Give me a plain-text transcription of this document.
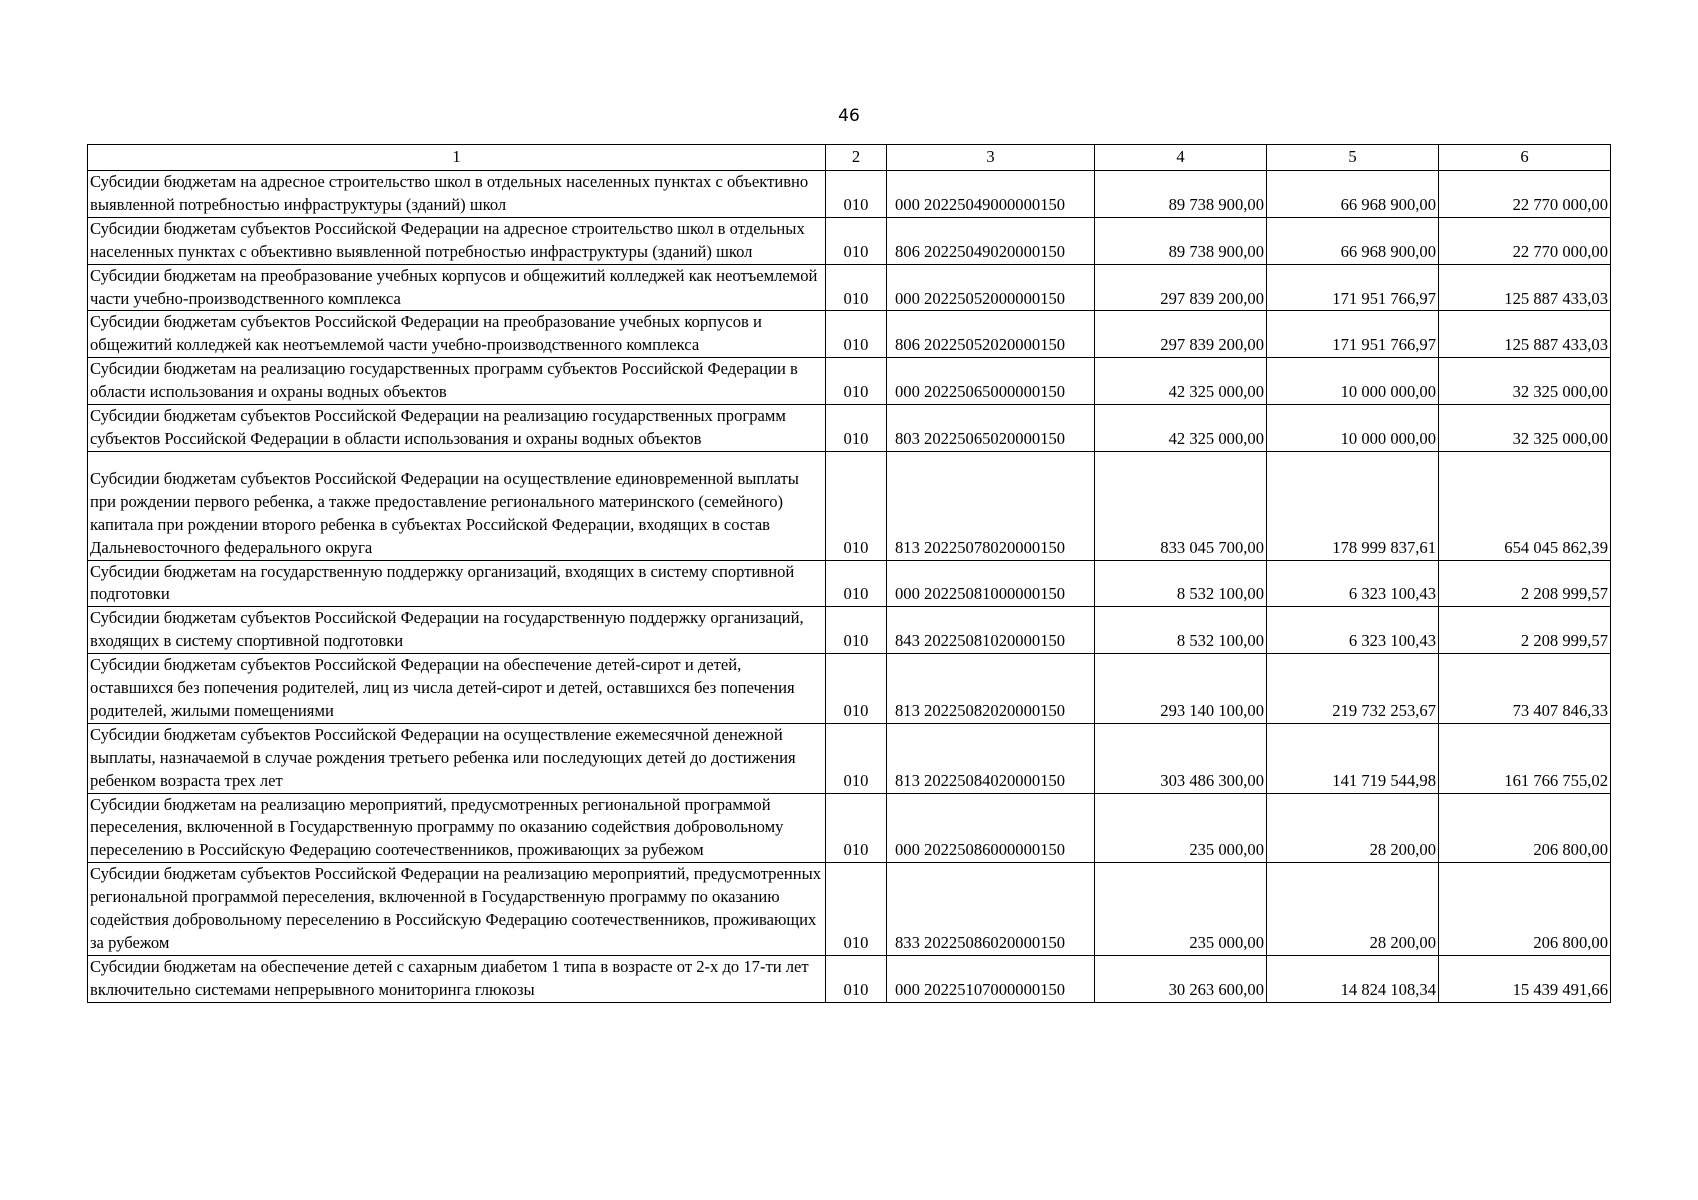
46
1	2	3	4	5	6
Субсидии бюджетам на адресное строительство школ в отдельных населенных пунктах с объективно выявленной потребностью инфраструктуры (зданий) школ	010	000 20225049000000150	89 738 900,00	66 968 900,00	22 770 000,00
Субсидии бюджетам субъектов Российской Федерации на адресное строительство школ в отдельных населенных пунктах с объективно выявленной потребностью инфраструктуры (зданий) школ	010	806 20225049020000150	89 738 900,00	66 968 900,00	22 770 000,00
Субсидии бюджетам на преобразование учебных корпусов и общежитий колледжей как неотъемлемой части учебно-производственного комплекса	010	000 20225052000000150	297 839 200,00	171 951 766,97	125 887 433,03
Субсидии бюджетам субъектов Российской Федерации на преобразование учебных корпусов и общежитий колледжей как неотъемлемой части учебно-производственного комплекса	010	806 20225052020000150	297 839 200,00	171 951 766,97	125 887 433,03
Субсидии бюджетам на реализацию государственных программ субъектов Российской Федерации в области использования и охраны водных объектов	010	000 20225065000000150	42 325 000,00	10 000 000,00	32 325 000,00
Субсидии бюджетам субъектов Российской Федерации на реализацию государственных программ субъектов Российской Федерации в области использования и охраны водных объектов	010	803 20225065020000150	42 325 000,00	10 000 000,00	32 325 000,00
Субсидии бюджетам субъектов Российской Федерации на осуществление единовременной выплаты при рождении первого ребенка, а также предоставление регионального материнского (семейного) капитала при рождении второго ребенка в субъектах Российской Федерации, входящих в состав Дальневосточного федерального округа	010	813 20225078020000150	833 045 700,00	178 999 837,61	654 045 862,39
Субсидии бюджетам на государственную поддержку организаций, входящих в систему спортивной подготовки	010	000 20225081000000150	8 532 100,00	6 323 100,43	2 208 999,57
Субсидии бюджетам субъектов Российской Федерации на государственную поддержку организаций, входящих в систему спортивной подготовки	010	843 20225081020000150	8 532 100,00	6 323 100,43	2 208 999,57
Субсидии бюджетам субъектов Российской Федерации на обеспечение детей-сирот и детей, оставшихся без попечения родителей, лиц из числа детей-сирот и детей, оставшихся без попечения родителей, жилыми помещениями	010	813 20225082020000150	293 140 100,00	219 732 253,67	73 407 846,33
Субсидии бюджетам субъектов Российской Федерации на осуществление ежемесячной денежной выплаты, назначаемой в случае рождения третьего ребенка или последующих детей до достижения ребенком возраста трех лет	010	813 20225084020000150	303 486 300,00	141 719 544,98	161 766 755,02
Субсидии бюджетам на реализацию мероприятий, предусмотренных региональной программой переселения, включенной в Государственную программу по оказанию содействия добровольному переселению в Российскую Федерацию соотечественников, проживающих за рубежом	010	000 20225086000000150	235 000,00	28 200,00	206 800,00
Субсидии бюджетам субъектов Российской Федерации на реализацию мероприятий, предусмотренных региональной программой переселения, включенной в Государственную программу по оказанию содействия добровольному переселению в Российскую Федерацию соотечественников, проживающих за рубежом	010	833 20225086020000150	235 000,00	28 200,00	206 800,00
Субсидии бюджетам на обеспечение детей с сахарным диабетом 1 типа в возрасте от 2-х до 17-ти лет включительно системами непрерывного мониторинга глюкозы	010	000 20225107000000150	30 263 600,00	14 824 108,34	15 439 491,66
